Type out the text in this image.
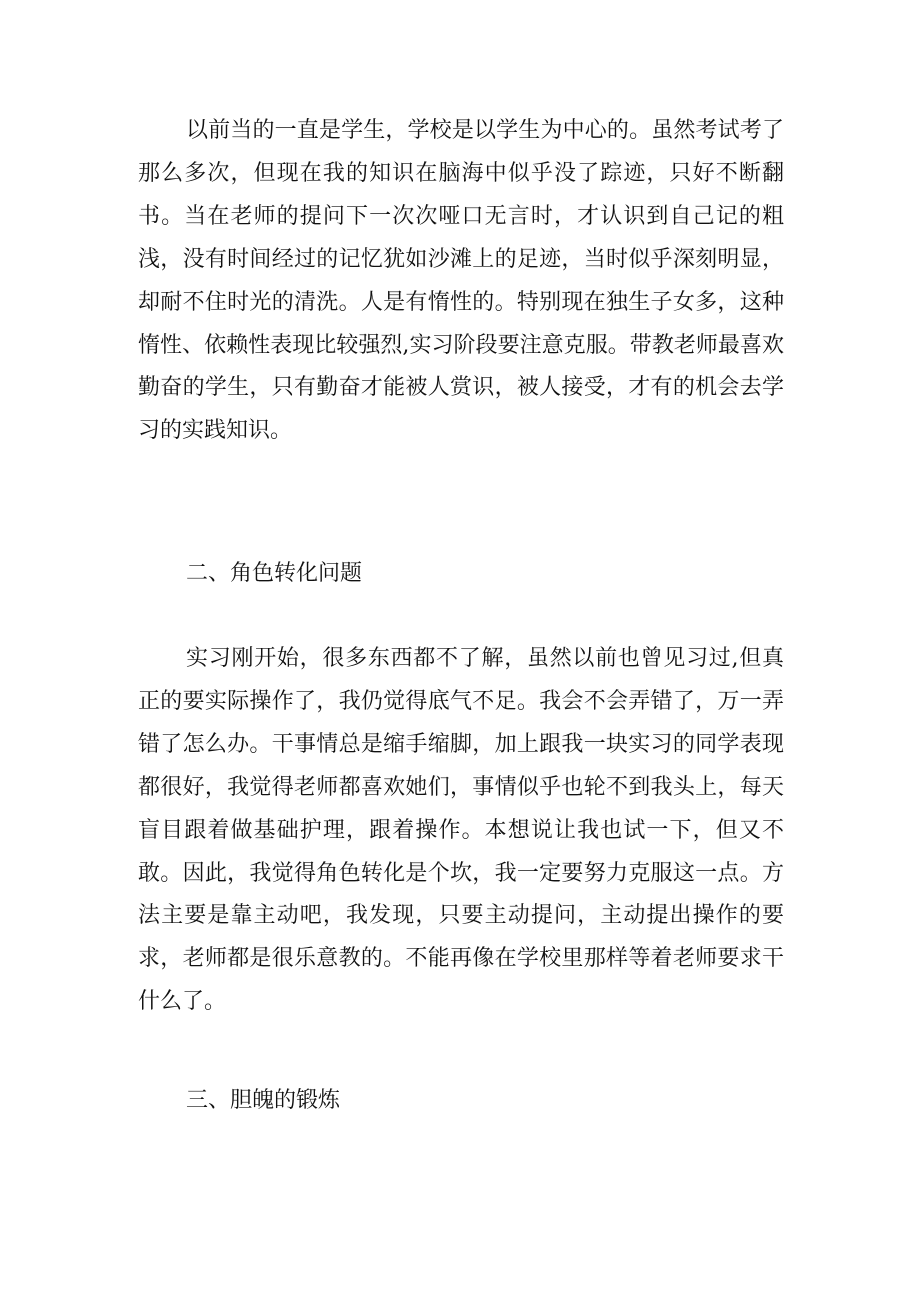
以前当的一直是学生，学校是以学生为中心的。虽然考试考了那么多次，但现在我的知识在脑海中似乎没了踪迹，只好不断翻书。当在老师的提问下一次次哑口无言时，才认识到自己记的粗浅，没有时间经过的记忆犹如沙滩上的足迹，当时似乎深刻明显，却耐不住时光的清洗。人是有惰性的。特别现在独生子女多，这种惰性、依赖性表现比较强烈,实习阶段要注意克服。带教老师最喜欢勤奋的学生，只有勤奋才能被人赏识，被人接受，才有的机会去学习的实践知识。

二、角色转化问题

实习刚开始，很多东西都不了解，虽然以前也曾见习过,但真正的要实际操作了，我仍觉得底气不足。我会不会弄错了，万一弄错了怎么办。干事情总是缩手缩脚，加上跟我一块实习的同学表现都很好，我觉得老师都喜欢她们，事情似乎也轮不到我头上，每天盲目跟着做基础护理，跟着操作。本想说让我也试一下，但又不敢。因此，我觉得角色转化是个坎，我一定要努力克服这一点。方法主要是靠主动吧，我发现，只要主动提问，主动提出操作的要求，老师都是很乐意教的。不能再像在学校里那样等着老师要求干什么了。

三、胆魄的锻炼
